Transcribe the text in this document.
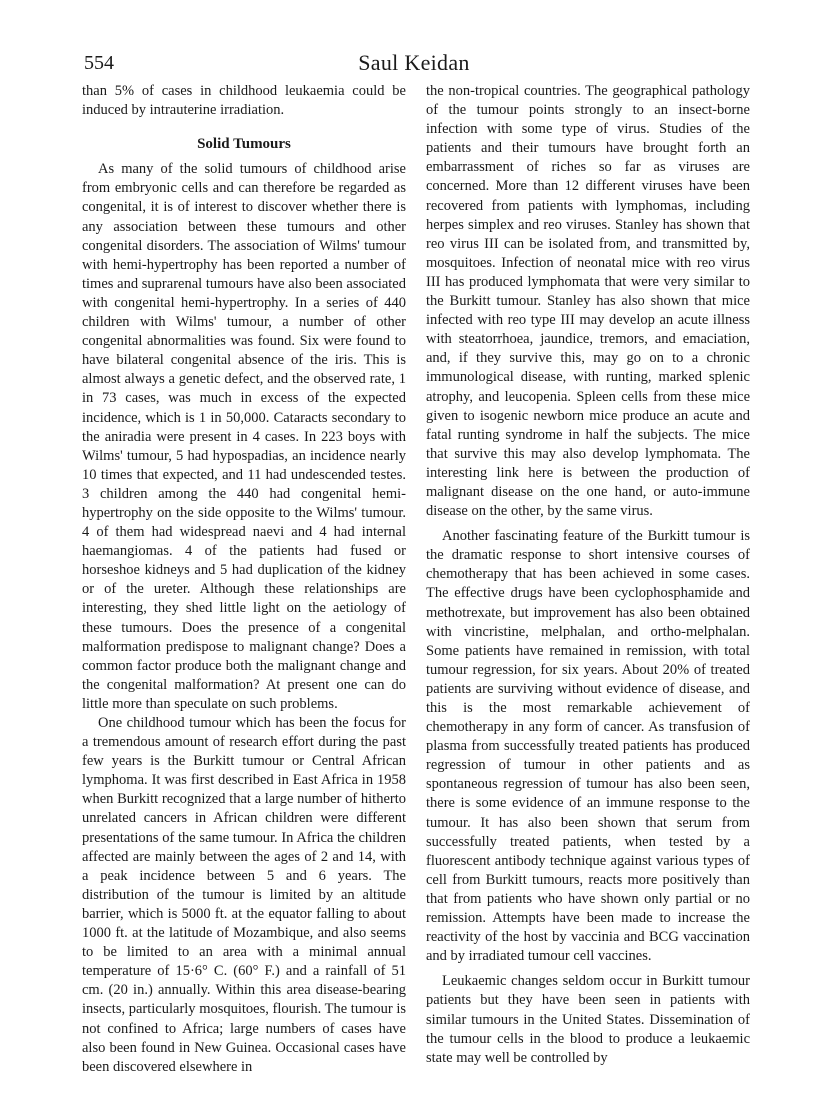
554	Saul Keidan

than 5% of cases in childhood leukaemia could be induced by intrauterine irradiation.

Solid Tumours

As many of the solid tumours of childhood arise from embryonic cells and can therefore be regarded as congenital, it is of interest to discover whether there is any association between these tumours and other congenital disorders. The association of Wilms' tumour with hemi-hypertrophy has been reported a number of times and suprarenal tumours have also been associated with congenital hemi-hypertrophy. In a series of 440 children with Wilms' tumour, a number of other congenital abnormalities was found. Six were found to have bilateral congenital absence of the iris. This is almost always a genetic defect, and the observed rate, 1 in 73 cases, was much in excess of the expected incidence, which is 1 in 50,000. Cataracts secondary to the aniradia were present in 4 cases. In 223 boys with Wilms' tumour, 5 had hypospadias, an incidence nearly 10 times that expected, and 11 had undescended testes. 3 children among the 440 had congenital hemi-hypertrophy on the side opposite to the Wilms' tumour. 4 of them had widespread naevi and 4 had internal haemangiomas. 4 of the patients had fused or horseshoe kidneys and 5 had duplication of the kidney or of the ureter. Although these relationships are interesting, they shed little light on the aetiology of these tumours. Does the presence of a congenital malformation predispose to malignant change? Does a common factor produce both the malignant change and the congenital malformation? At present one can do little more than speculate on such problems.

One childhood tumour which has been the focus for a tremendous amount of research effort during the past few years is the Burkitt tumour or Central African lymphoma. It was first described in East Africa in 1958 when Burkitt recognized that a large number of hitherto unrelated cancers in African children were different presentations of the same tumour. In Africa the children affected are mainly between the ages of 2 and 14, with a peak incidence between 5 and 6 years. The distribution of the tumour is limited by an altitude barrier, which is 5000 ft. at the equator falling to about 1000 ft. at the latitude of Mozambique, and also seems to be limited to an area with a minimal annual temperature of 15·6° C. (60° F.) and a rainfall of 51 cm. (20 in.) annually. Within this area disease-bearing insects, particularly mosquitoes, flourish. The tumour is not confined to Africa; large numbers of cases have also been found in New Guinea. Occasional cases have been discovered elsewhere in

the non-tropical countries. The geographical pathology of the tumour points strongly to an insect-borne infection with some type of virus. Studies of the patients and their tumours have brought forth an embarrassment of riches so far as viruses are concerned. More than 12 different viruses have been recovered from patients with lymphomas, including herpes simplex and reo viruses. Stanley has shown that reo virus III can be isolated from, and transmitted by, mosquitoes. Infection of neonatal mice with reo virus III has produced lymphomata that were very similar to the Burkitt tumour. Stanley has also shown that mice infected with reo type III may develop an acute illness with steatorrhoea, jaundice, tremors, and emaciation, and, if they survive this, may go on to a chronic immunological disease, with runting, marked splenic atrophy, and leucopenia. Spleen cells from these mice given to isogenic newborn mice produce an acute and fatal runting syndrome in half the subjects. The mice that survive this may also develop lymphomata. The interesting link here is between the production of malignant disease on the one hand, or auto-immune disease on the other, by the same virus.

Another fascinating feature of the Burkitt tumour is the dramatic response to short intensive courses of chemotherapy that has been achieved in some cases. The effective drugs have been cyclophosphamide and methotrexate, but improvement has also been obtained with vincristine, melphalan, and ortho-melphalan. Some patients have remained in remission, with total tumour regression, for six years. About 20% of treated patients are surviving without evidence of disease, and this is the most remarkable achievement of chemotherapy in any form of cancer. As transfusion of plasma from successfully treated patients has produced regression of tumour in other patients and as spontaneous regression of tumour has also been seen, there is some evidence of an immune response to the tumour. It has also been shown that serum from successfully treated patients, when tested by a fluorescent antibody technique against various types of cell from Burkitt tumours, reacts more positively than that from patients who have shown only partial or no remission. Attempts have been made to increase the reactivity of the host by vaccinia and BCG vaccination and by irradiated tumour cell vaccines.

Leukaemic changes seldom occur in Burkitt tumour patients but they have been seen in patients with similar tumours in the United States. Dissemination of the tumour cells in the blood to produce a leukaemic state may well be controlled by
